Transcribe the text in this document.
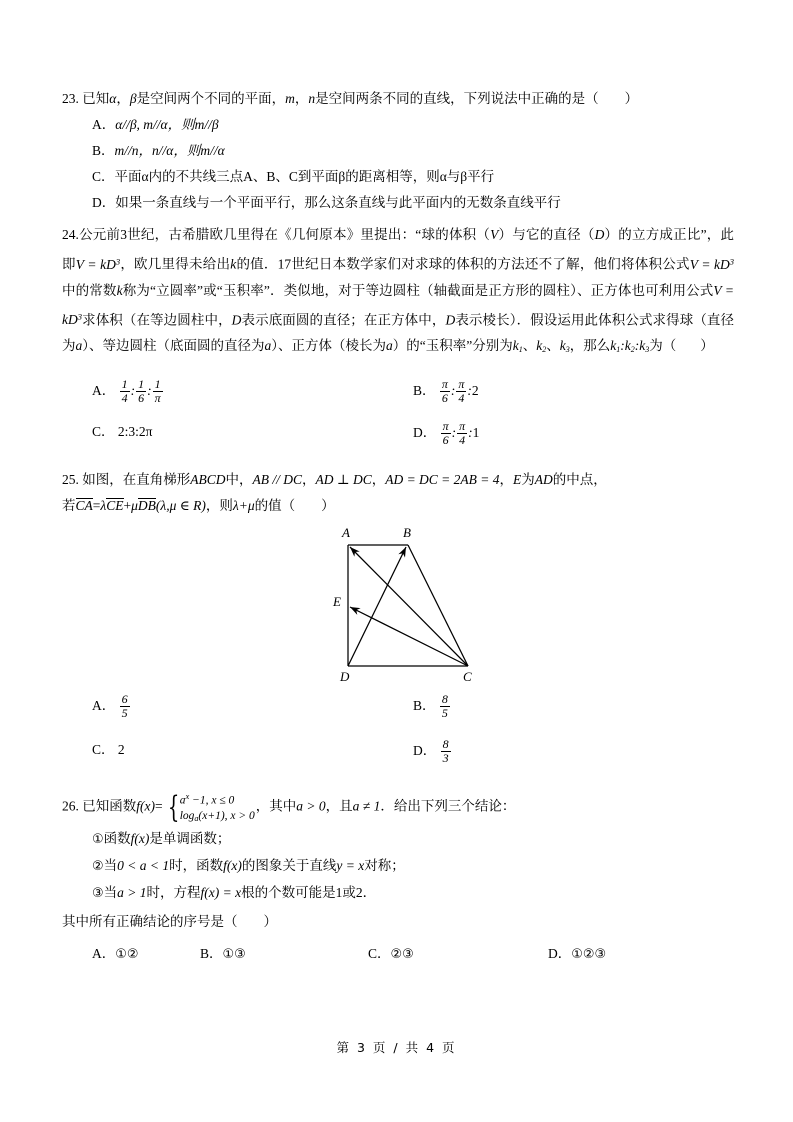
23. 已知α，β是空间两个不同的平面，m，n是空间两条不同的直线，下列说法中正确的是（ ）
A．α//β, m//α，则m//β
B．m//n，n//α，则m//α
C．平面α内的不共线三点A、B、C到平面β的距离相等，则α与β平行
D．如果一条直线与一个平面平行，那么这条直线与此平面内的无数条直线平行
24.公元前3世纪，古希腊欧几里得在《几何原本》里提出：“球的体积（V）与它的直径（D）的立方成正比”，此即$V = kD^3$，欧几里得未给出k的值．17世纪日本数学家们对求球的体积的方法还不了解，他们将体积公式$V = kD^3$中的常数k称为“立圆率”或“玉积率”．类似地，对于等边圆柱（轴截面是正方形的圆柱）、正方体也可利用公式$V = kD^3$求体积（在等边圆柱中，D表示底面圆的直径；在正方体中，D表示棱长）．假设运用此体积公式求得球（直径为a）、等边圆柱（底面圆的直径为a）、正方体（棱长为a）的“玉积率”分别为$k_1$、$k_2$、$k_3$，那么$k_1:k_2:k_3$为（ ）
A． $\frac{1}{4}$ : $\frac{1}{6}$ : $\frac{1}{\pi}$	B． $\frac{\pi}{6}$ : $\frac{\pi}{4}$ :2
C． 2:3:2π	D． $\frac{\pi}{6}$ : $\frac{\pi}{4}$ :1
25. 如图，在直角梯形ABCD中，AB // DC，AD ⊥ DC，AD = DC = 2AB = 4，E为AD的中点，
若CA=λCE+μDB(λ,μ ∈ R)，则λ+μ的值（ ）
A	B
E
D	C
A． $\frac{6}{5}$	B． $\frac{8}{5}$
C． 2	D． $\frac{8}{3}$
26. 已知函数f(x)= { $a^x -1$, x ≤ 0
$\log_a(x+1)$, x > 0
，其中a > 0，且a ≠ 1．给出下列三个结论：
①函数f(x)是单调函数；
②当0 < a < 1时，函数f(x)的图象关于直线y = x对称；
③当a > 1时，方程f(x) = x根的个数可能是1或2．
其中所有正确结论的序号是（ ）
A．①②	B．①③	C．②③	D．①②③
第 3 页 / 共 4 页
